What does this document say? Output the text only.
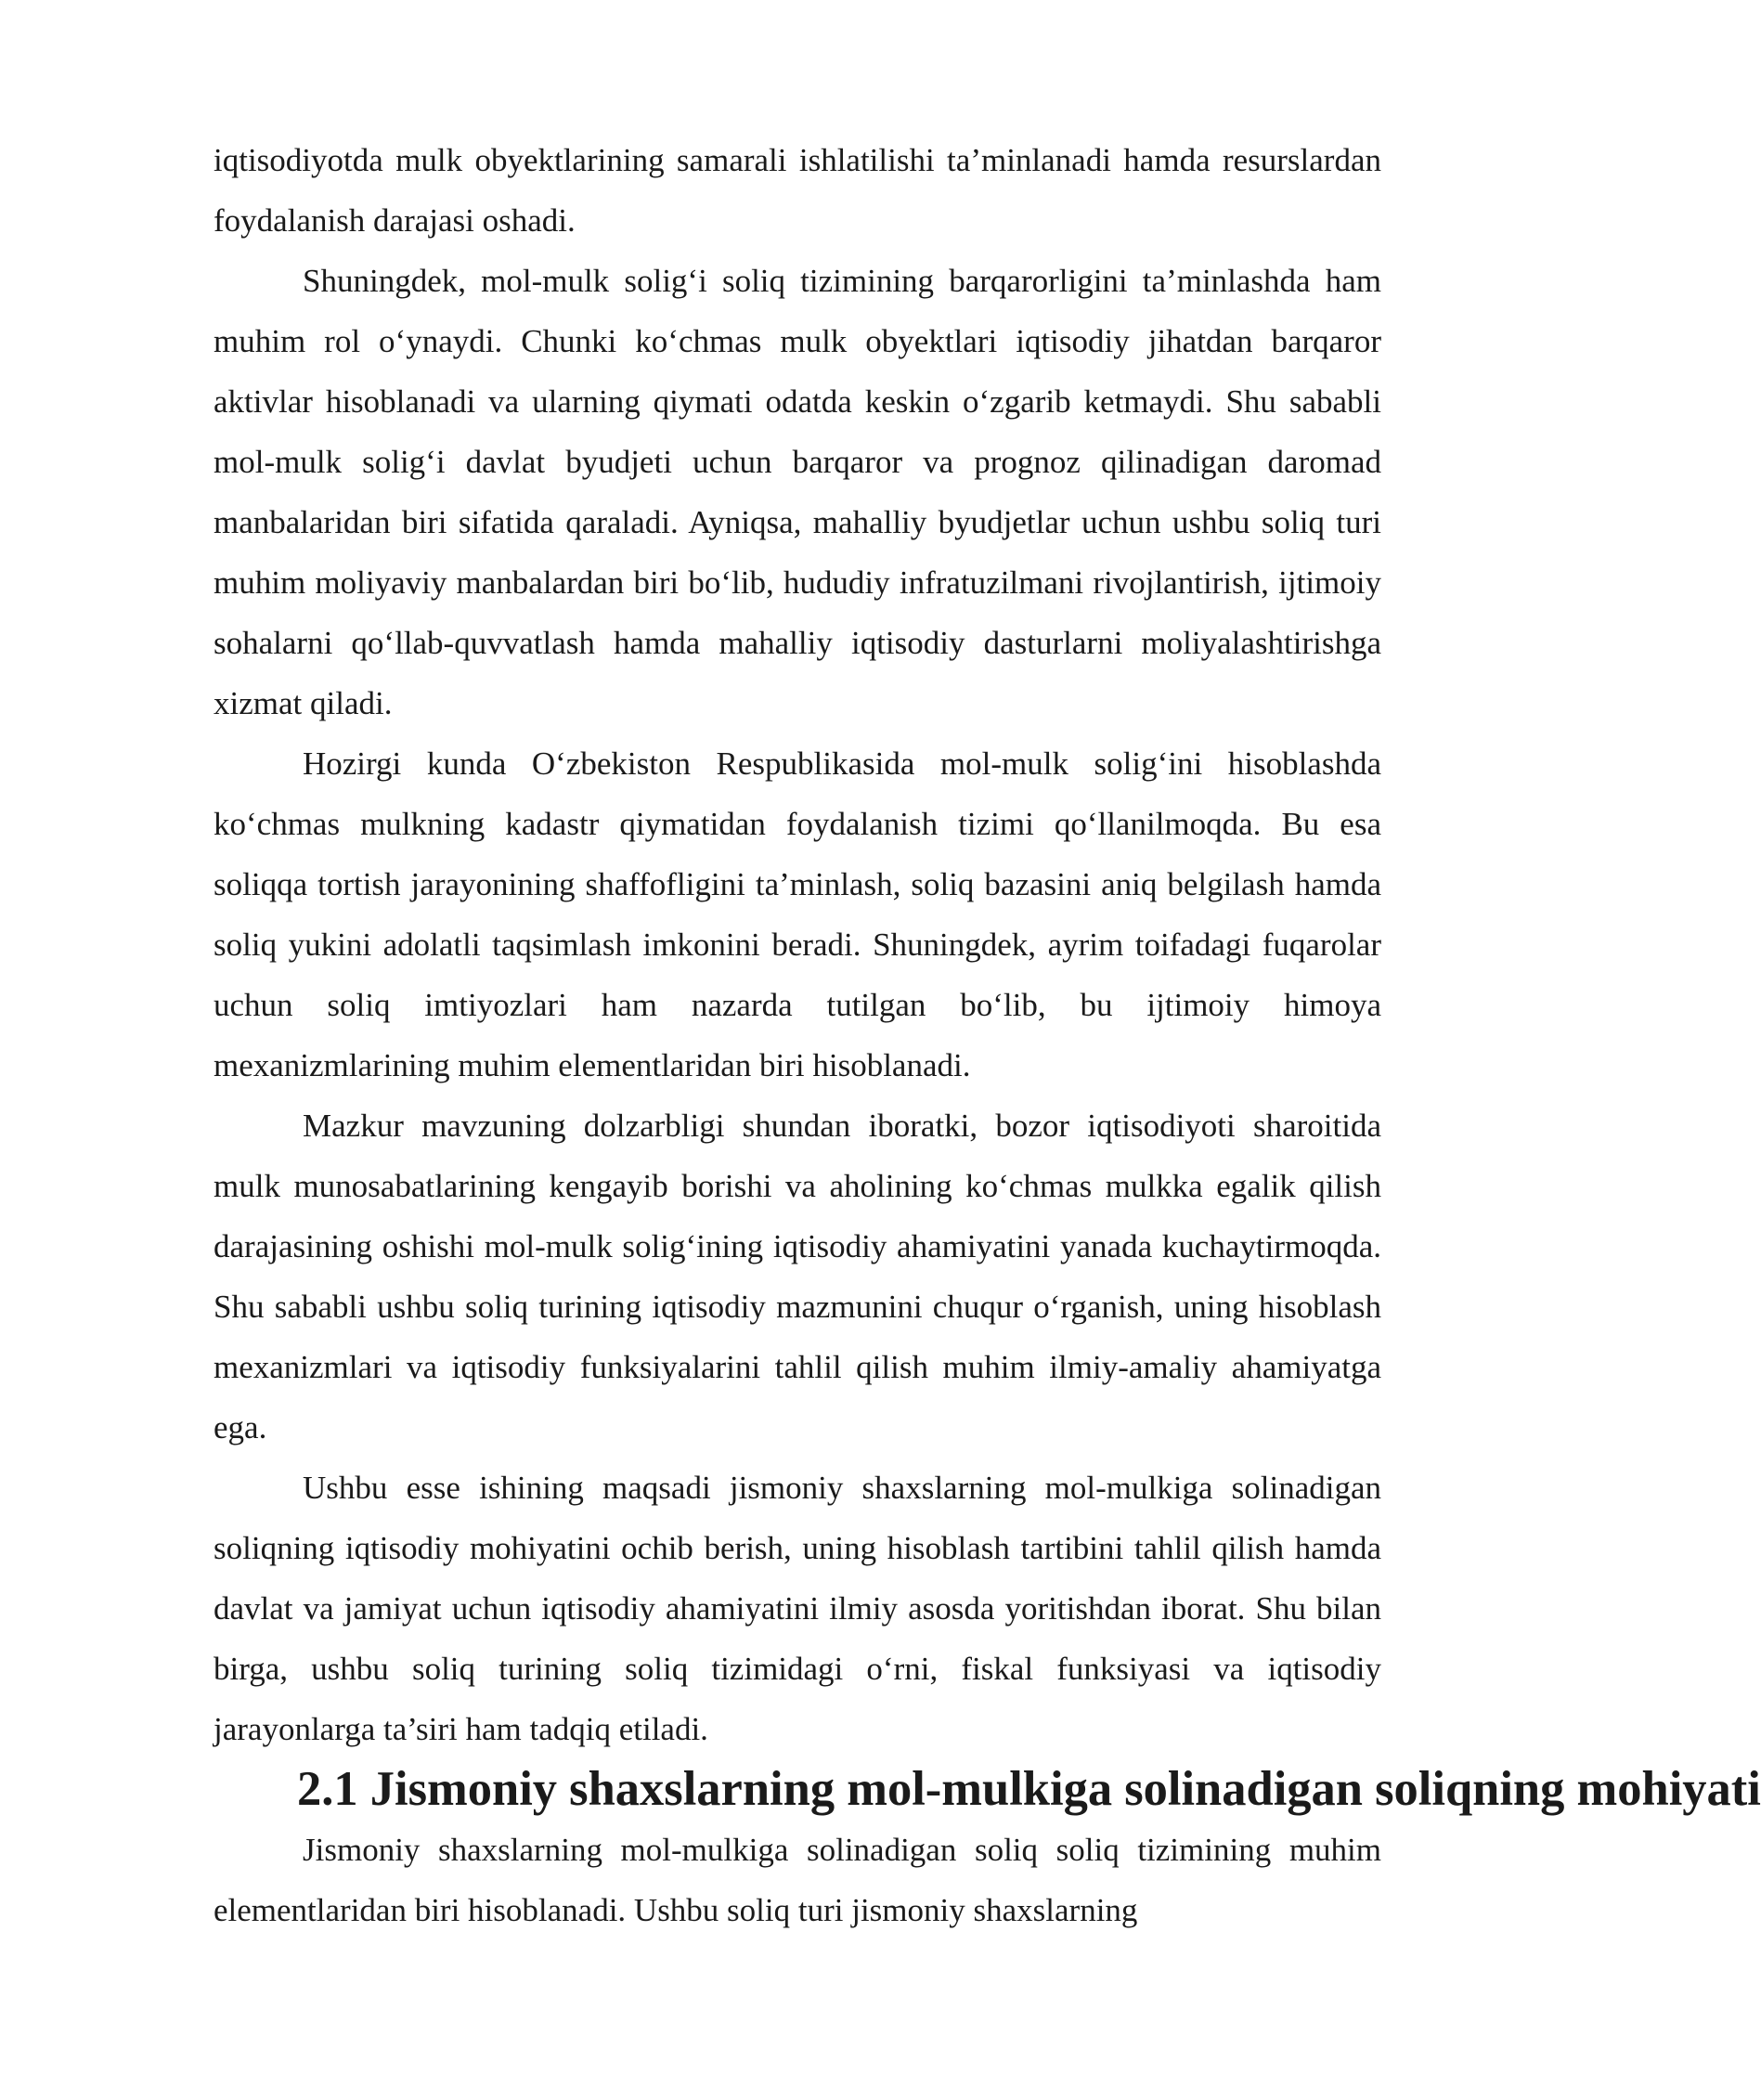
iqtisodiyotda mulk obyektlarining samarali ishlatilishi ta’minlanadi hamda resurslardan foydalanish darajasi oshadi.

Shuningdek, mol-mulk solig‘i soliq tizimining barqarorligini ta’minlashda ham muhim rol o‘ynaydi. Chunki ko‘chmas mulk obyektlari iqtisodiy jihatdan barqaror aktivlar hisoblanadi va ularning qiymati odatda keskin o‘zgarib ketmaydi. Shu sababli mol-mulk solig‘i davlat byudjeti uchun barqaror va prognoz qilinadigan daromad manbalaridan biri sifatida qaraladi. Ayniqsa, mahalliy byudjetlar uchun ushbu soliq turi muhim moliyaviy manbalardan biri bo‘lib, hududiy infratuzilmani rivojlantirish, ijtimoiy sohalarni qo‘llab-quvvatlash hamda mahalliy iqtisodiy dasturlarni moliyalashtirishga xizmat qiladi.

Hozirgi kunda O‘zbekiston Respublikasida mol-mulk solig‘ini hisoblashda ko‘chmas mulkning kadastr qiymatidan foydalanish tizimi qo‘llanilmoqda. Bu esa soliqqa tortish jarayonining shaffofligini ta’minlash, soliq bazasini aniq belgilash hamda soliq yukini adolatli taqsimlash imkonini beradi. Shuningdek, ayrim toifadagi fuqarolar uchun soliq imtiyozlari ham nazarda tutilgan bo‘lib, bu ijtimoiy himoya mexanizmlarining muhim elementlaridan biri hisoblanadi.

Mazkur mavzuning dolzarbligi shundan iboratki, bozor iqtisodiyoti sharoitida mulk munosabatlarining kengayib borishi va aholining ko‘chmas mulkka egalik qilish darajasining oshishi mol-mulk solig‘ining iqtisodiy ahamiyatini yanada kuchaytirmoqda. Shu sababli ushbu soliq turining iqtisodiy mazmunini chuqur o‘rganish, uning hisoblash mexanizmlari va iqtisodiy funksiyalarini tahlil qilish muhim ilmiy-amaliy ahamiyatga ega.

Ushbu esse ishining maqsadi jismoniy shaxslarning mol-mulkiga solinadigan soliqning iqtisodiy mohiyatini ochib berish, uning hisoblash tartibini tahlil qilish hamda davlat va jamiyat uchun iqtisodiy ahamiyatini ilmiy asosda yoritishdan iborat. Shu bilan birga, ushbu soliq turining soliq tizimidagi o‘rni, fiskal funksiyasi va iqtisodiy jarayonlarga ta’siri ham tadqiq etiladi.

2.1 Jismoniy shaxslarning mol-mulkiga solinadigan soliqning mohiyati

Jismoniy shaxslarning mol-mulkiga solinadigan soliq soliq tizimining muhim elementlaridan biri hisoblanadi. Ushbu soliq turi jismoniy shaxslarning
